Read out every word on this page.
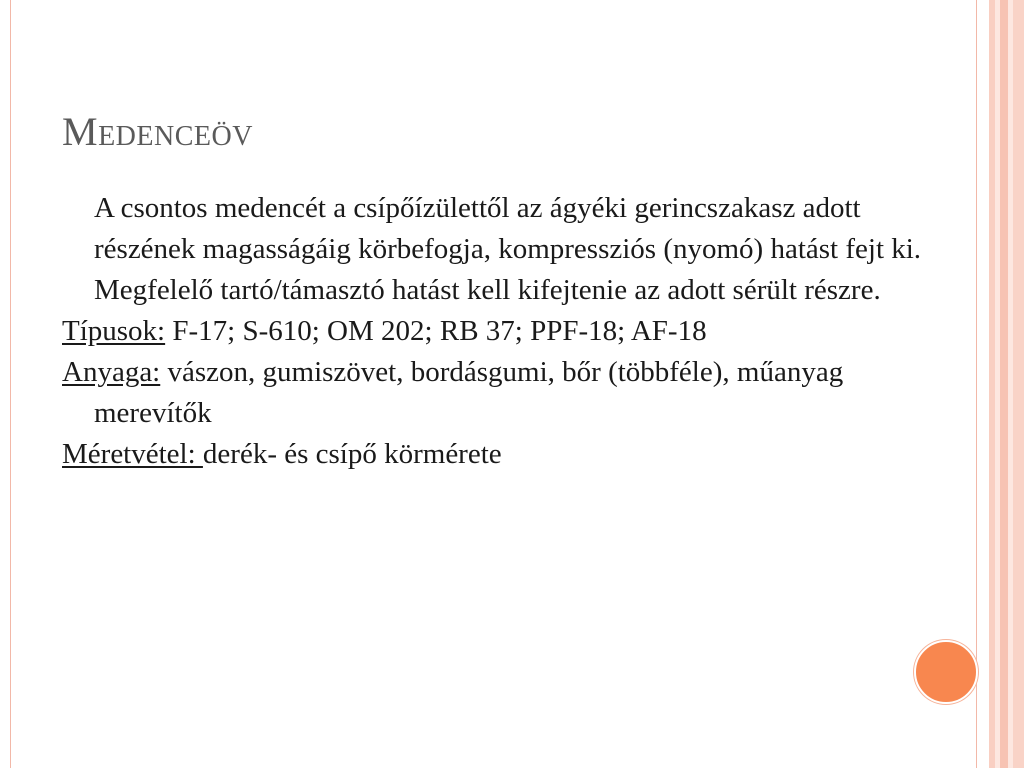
Medenceöv
A csontos medencét a csípőízülettől az ágyéki gerincszakasz adott részének magasságáig körbefogja, kompressziós (nyomó) hatást fejt ki. Megfelelő tartó/támasztó hatást kell kifejtenie az adott sérült részre.
Típusok: F-17; S-610; OM 202; RB 37; PPF-18; AF-18
Anyaga: vászon, gumiszövet, bordásgumi, bőr (többféle), műanyag merevítők
Méretvétel: derék- és csípő körmérete
